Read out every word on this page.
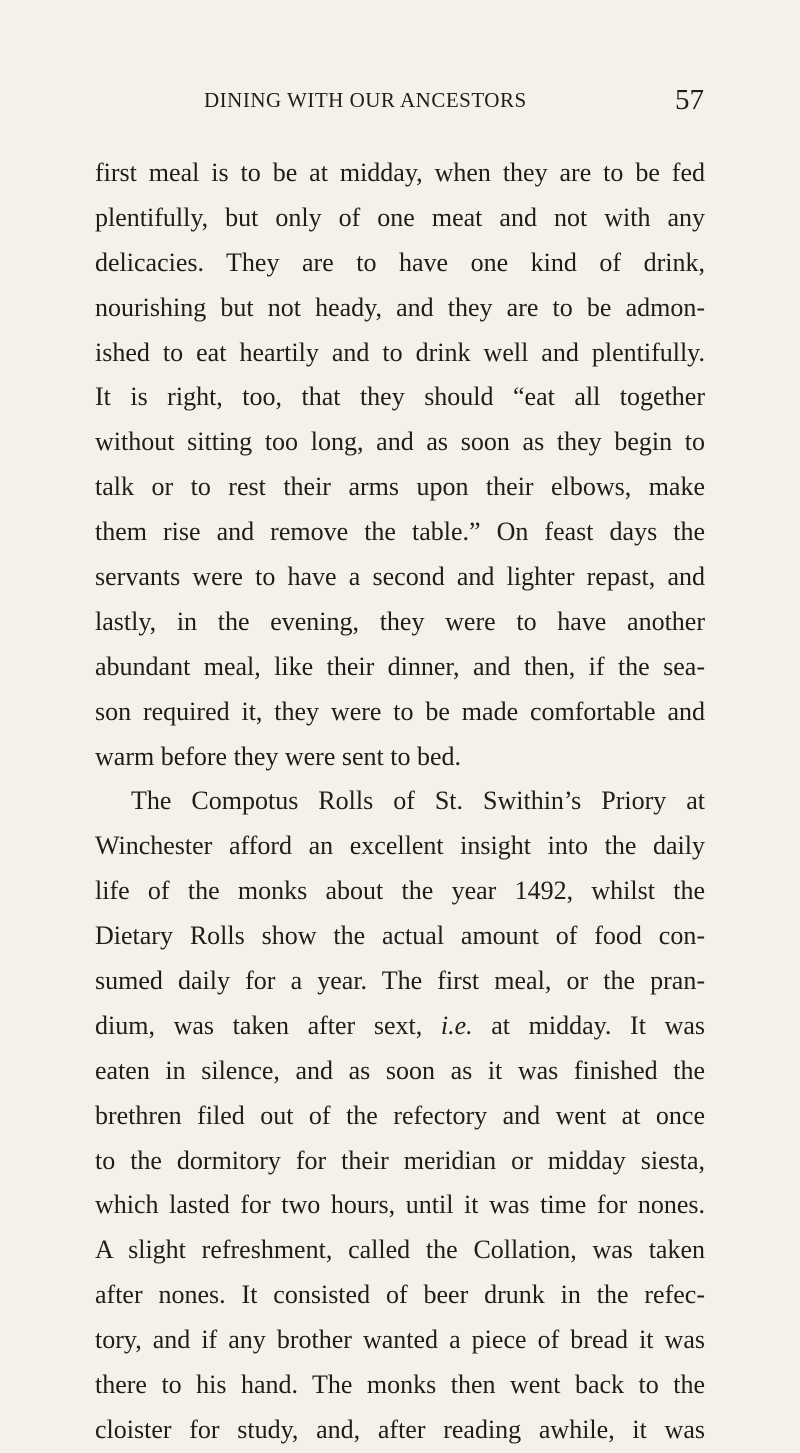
DINING WITH OUR ANCESTORS	57
first meal is to be at midday, when they are to be fed
plentifully, but only of one meat and not with any
delicacies. They are to have one kind of drink,
nourishing but not heady, and they are to be admon-
ished to eat heartily and to drink well and plentifully.
It is right, too, that they should “eat all together
without sitting too long, and as soon as they begin to
talk or to rest their arms upon their elbows, make
them rise and remove the table.” On feast days the
servants were to have a second and lighter repast, and
lastly, in the evening, they were to have another
abundant meal, like their dinner, and then, if the sea-
son required it, they were to be made comfortable and
warm before they were sent to bed.
The Compotus Rolls of St. Swithin’s Priory at
Winchester afford an excellent insight into the daily
life of the monks about the year 1492, whilst the
Dietary Rolls show the actual amount of food con-
sumed daily for a year. The first meal, or the pran-
dium, was taken after sext, i.e. at midday. It was
eaten in silence, and as soon as it was finished the
brethren filed out of the refectory and went at once
to the dormitory for their meridian or midday siesta,
which lasted for two hours, until it was time for nones.
A slight refreshment, called the Collation, was taken
after nones. It consisted of beer drunk in the refec-
tory, and if any brother wanted a piece of bread it was
there to his hand. The monks then went back to the
cloister for study, and, after reading awhile, it was
